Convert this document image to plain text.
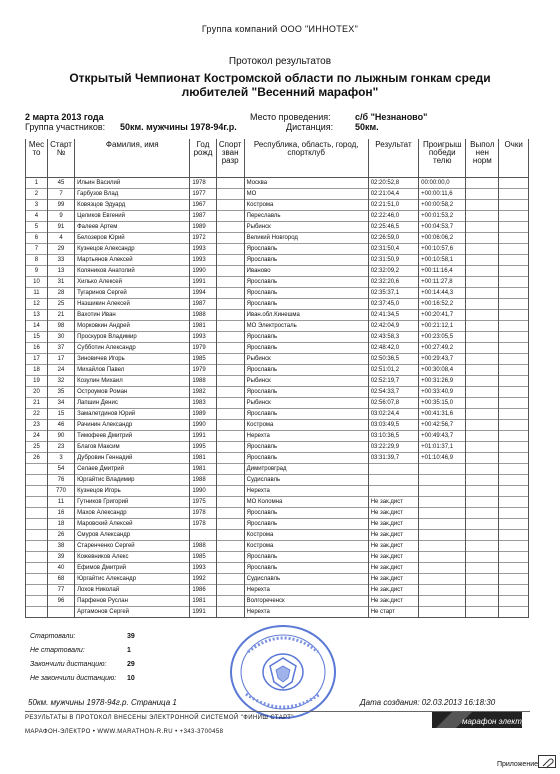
Группа компаний ООО "ИННОТЕХ"
Протокол результатов
Открытый Чемпионат Костромской области по лыжным гонкам среди
любителей "Весенний марафон"
2 марта 2013 года
Группа участников: 50км. мужчины 1978-94г.р.
Место проведения:	с/б "Незнаново"
Дистанция: 50км.
Мес то	Старт №	Фамилия, имя	Год рожд	Спорт зван разр	Республика, область, город, спортклуб	Результат	Проигрыш победи телю	Выпол нен норм	Очки
1	45	Ильин Василий	1978		Москва	02:20:52,8	00:00:00,0		
2	7	Гарбузов Влад	1977		МО	02:21:04,4	+00:00:11,6		
3	99	Ковязцов Эдуард	1967		Кострома	02:21:51,0	+00:00:58,2		
4	9	Целиков Евгений	1987		Переславль	02:22:46,0	+00:01:53,2		
5	91	Фалеев Артем	1989		Рыбинск	02:25:46,5	+00:04:53,7		
6	4	Белозеров Юрий	1972		Великий Новгород	02:26:59,0	+00:06:06,2		
7	29	Кузнецов Александр	1993		Ярославль	02:31:50,4	+00:10:57,6		
8	33	Мартьянов Алексей	1993		Ярославль	02:31:50,9	+00:10:58,1		
9	13	Коляников Анатолий	1990		Иваново	02:32:09,2	+00:11:16,4		
10	31	Хилько Алексей	1991		Ярославль	02:32:20,6	+00:11:27,8		
11	28	Тугаринов Сергей	1994		Ярославль	02:35:37,1	+00:14:44,3		
12	25	Назшикин Алексей	1987		Ярославль	02:37:45,0	+00:16:52,2		
13	21	Вахотин Иван	1988		Иван.обл.Кинешма	02:41:34,5	+00:20:41,7		
14	98	Морковкин Андрей	1981		МО Электросталь	02:42:04,9	+00:21:12,1		
15	30	Проскуров Владимир	1993		Ярославль	02:43:58,3	+00:23:05,5		
16	37	Субботин Александр	1979		Ярославль	02:48:42,0	+00:27:49,2		
17	17	Зиновичев Игорь	1985		Рыбинск	02:50:36,5	+00:29:43,7		
18	24	Михайлов Павел	1979		Ярославль	02:51:01,2	+00:30:08,4		
19	32	Козулин Михаил	1988		Рыбинск	02:52:19,7	+00:31:26,9		
20	35	Остроумов Роман	1982		Ярославль	02:54:33,7	+00:33:40,9		
21	34	Лапшин Денис	1983		Рыбинск	02:56:07,8	+00:35:15,0		
22	15	Замалетдинов Юрий	1989		Ярославль	03:02:24,4	+00:41:31,6		
23	46	Рачинин Александр	1990		Кострома	03:03:49,5	+00:42:56,7		
24	90	Тимофеев Дмитрий	1991		Нерехта	03:10:36,5	+00:49:43,7		
25	23	Благов Максим	1995		Ярославль	03:22:29,9	+01:01:37,1		
26	3	Дубровин Геннадий	1981		Ярославль	03:31:39,7	+01:10:46,9		
	54	Селаев Дмитрий	1981		Димитровград				
	76	Юргайтис Владимир	1988		Судиславль				
	770	Кузнецов Игорь	1990		Нерехта				
	11	Гутников Григорий	1975		МО Коломна	Не зак.дист			
	16	Махов Александр	1978		Ярославль	Не зак.дист			
	18	Маровский Алексей	1978		Ярославль	Не зак.дист			
	26	Смуров Александр			Кострома	Не зак.дист			
	38	Старенченко Сергей	1988		Кострома	Не зак.дист			
	39	Кожевников Алекс	1985		Ярославль	Не зак.дист			
	40	Ефимов Дмитрий	1993		Ярославль	Не зак.дист			
	68	Юргайтис Александр	1992		Судиславль	Не зак.дист			
	77	Лохов Николай	1986		Нерехта	Не зак.дист			
	96	Парфенов Руслан	1981		Волгореченск	Не зак.дист			
		Артамонов Сергей	1991		Нерехта	Не старт			
Стартовали:	39
Не стартовали:	1
Закончили дистанцию:	29
Не закончили дистанцию: 10
50км. мужчины 1978-94г.р. Страница 1	Дата создания: 02.03.2013 16:18:30
РЕЗУЛЬТАТЫ В ПРОТОКОЛ ВНЕСЕНЫ ЭЛЕКТРОННОЙ СИСТЕМОЙ "ФИНИШ СТАРТ"
МАРАФОН-ЭЛЕКТРО • WWW.MARATHON-R.RU • +343-3700458
марафон электро
Приложение
